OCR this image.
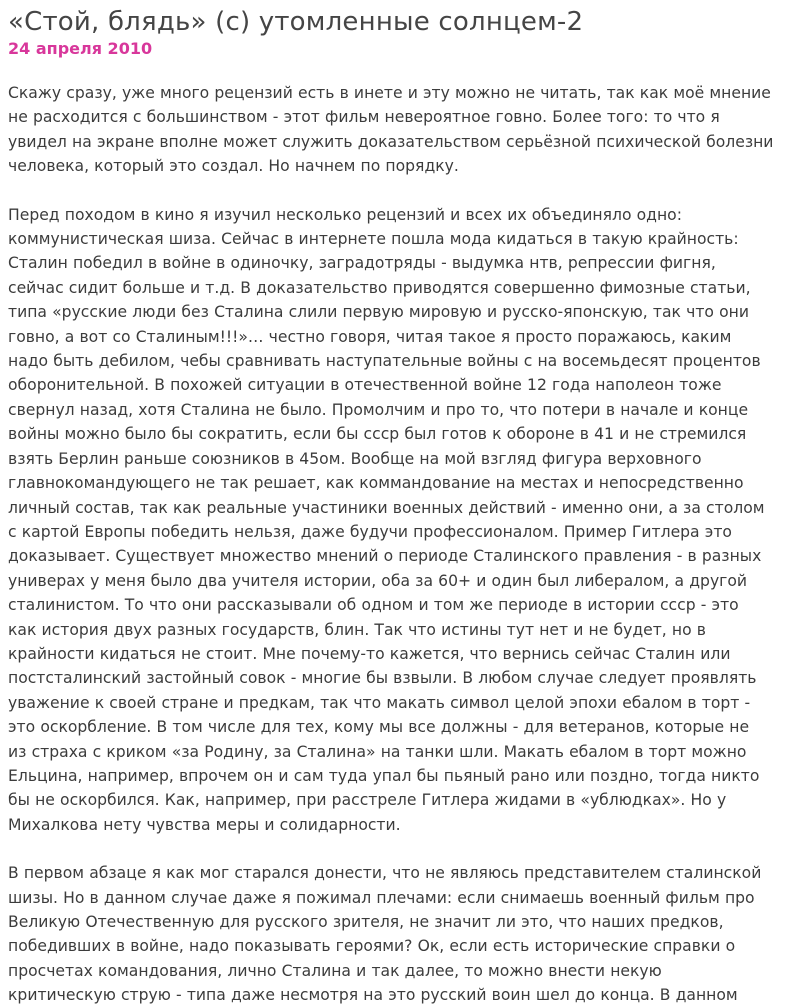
«Стой, блядь» (с) утомленные солнцем-2
24 апреля 2010

Скажу сразу, уже много рецензий есть в инете и эту можно не читать, так как моё мнение
не расходится с большинством - этот фильм невероятное говно. Более того: то что я
увидел на экране вполне может служить доказательством серьёзной психической болезни
человека, который это создал. Но начнем по порядку.

Перед походом в кино я изучил несколько рецензий и всех их объединяло одно:
коммунистическая шиза. Сейчас в интернете пошла мода кидаться в такую крайность:
Сталин победил в войне в одиночку, заградотряды - выдумка нтв, репрессии фигня,
сейчас сидит больше и т.д. В доказательство приводятся совершенно фимозные статьи,
типа «русские люди без Сталина слили первую мировую и русско-японскую, так что они
говно, а вот со Сталиным!!!»… честно говоря, читая такое я просто поражаюсь, каким
надо быть дебилом, чебы сравнивать наступательные войны с на восемьдесят процентов
оборонительной. В похожей ситуации в отечественной войне 12 года наполеон тоже
свернул назад, хотя Сталина не было. Промолчим и про то, что потери в начале и конце
войны можно было бы сократить, если бы ссср был готов к обороне в 41 и не стремился
взять Берлин раньше союзников в 45ом. Вообще на мой взгляд фигура верховного
главнокомандующего не так решает, как коммандование на местах и непосредственно
личный состав, так как реальные участиники военных действий - именно они, а за столом
с картой Европы победить нельзя, даже будучи профессионалом. Пример Гитлера это
доказывает. Существует множество мнений о периоде Сталинского правления - в разных
универах у меня было два учителя истории, оба за 60+ и один был либералом, а другой
сталинистом. То что они рассказывали об одном и том же периоде в истории ссср - это
как история двух разных государств, блин. Так что истины тут нет и не будет, но в
крайности кидаться не стоит. Мне почему-то кажется, что вернись сейчас Сталин или
постсталинский застойный совок - многие бы взвыли. В любом случае следует проявлять
уважение к своей стране и предкам, так что макать символ целой эпохи ебалом в торт -
это оскорбление. В том числе для тех, кому мы все должны - для ветеранов, которые не
из страха с криком «за Родину, за Сталина» на танки шли. Макать ебалом в торт можно
Ельцина, например, впрочем он и сам туда упал бы пьяный рано или поздно, тогда никто
бы не оскорбился. Как, например, при расстреле Гитлера жидами в «ублюдках». Но у
Михалкова нету чувства меры и солидарности.

В первом абзаце я как мог старался донести, что не являюсь представителем сталинской
шизы. Но в данном случае даже я пожимал плечами: если снимаешь военный фильм про
Великую Отечественную для русского зрителя, не значит ли это, что наших предков,
победивших в войне, надо показывать героями? Ок, если есть исторические справки о
просчетах командования, лично Сталина и так далее, то можно внести некую
критическую струю - типа даже несмотря на это русский воин шел до конца. В данном
